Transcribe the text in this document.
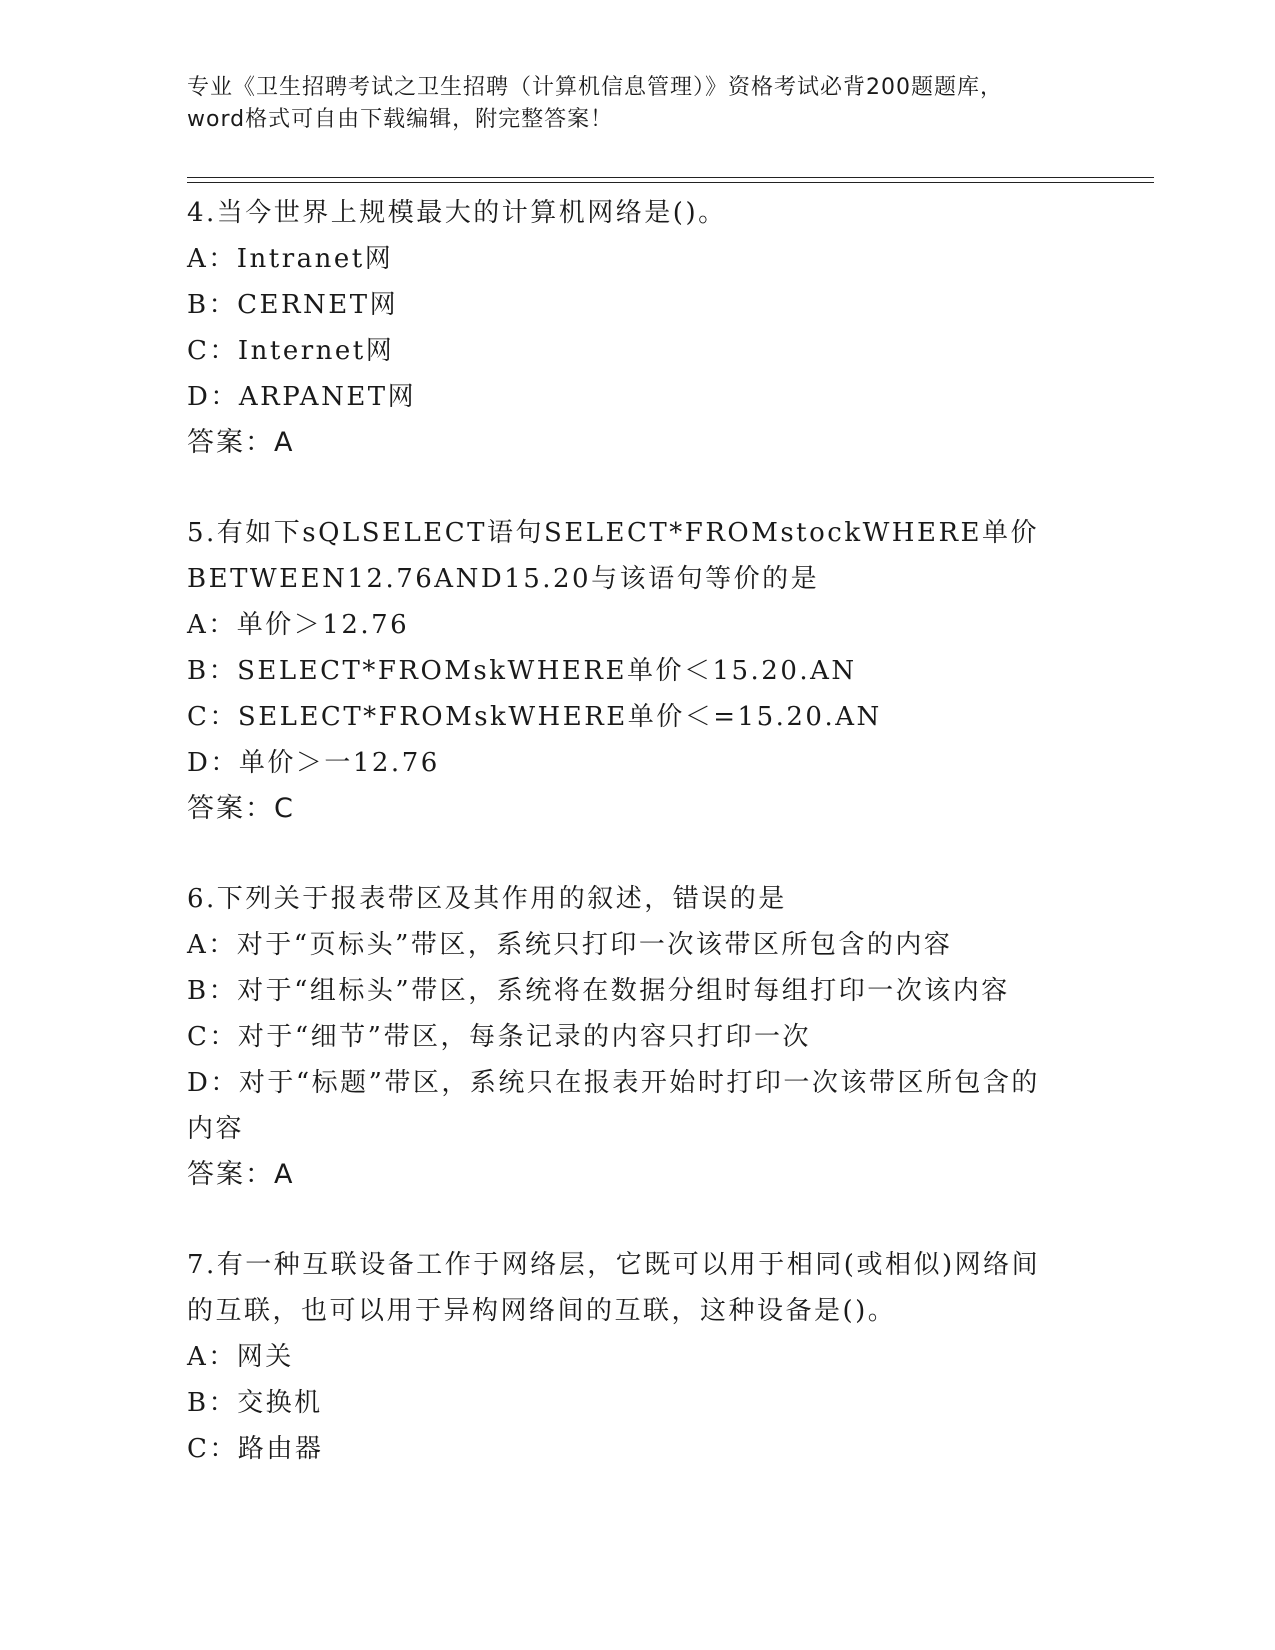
专业《卫生招聘考试之卫生招聘（计算机信息管理）》资格考试必背200题题库，
word格式可自由下载编辑，附完整答案！
4.当今世界上规模最大的计算机网络是()。
A：Intranet网
B：CERNET网
C：Internet网
D：ARPANET网
答案：A
5.有如下sQLSELECT语句SELECT*FROMstockWHERE单价
BETWEEN12.76AND15.20与该语句等价的是
A：单价＞12.76
B：SELECT*FROMskWHERE单价＜15.20.AN
C：SELECT*FROMskWHERE单价＜=15.20.AN
D：单价＞一12.76
答案：C
6.下列关于报表带区及其作用的叙述，错误的是
A：对于“页标头”带区，系统只打印一次该带区所包含的内容
B：对于“组标头”带区，系统将在数据分组时每组打印一次该内容
C：对于“细节”带区，每条记录的内容只打印一次
D：对于“标题”带区，系统只在报表开始时打印一次该带区所包含的
内容
答案：A
7.有一种互联设备工作于网络层，它既可以用于相同(或相似)网络间
的互联，也可以用于异构网络间的互联，这种设备是()。
A：网关
B：交换机
C：路由器
